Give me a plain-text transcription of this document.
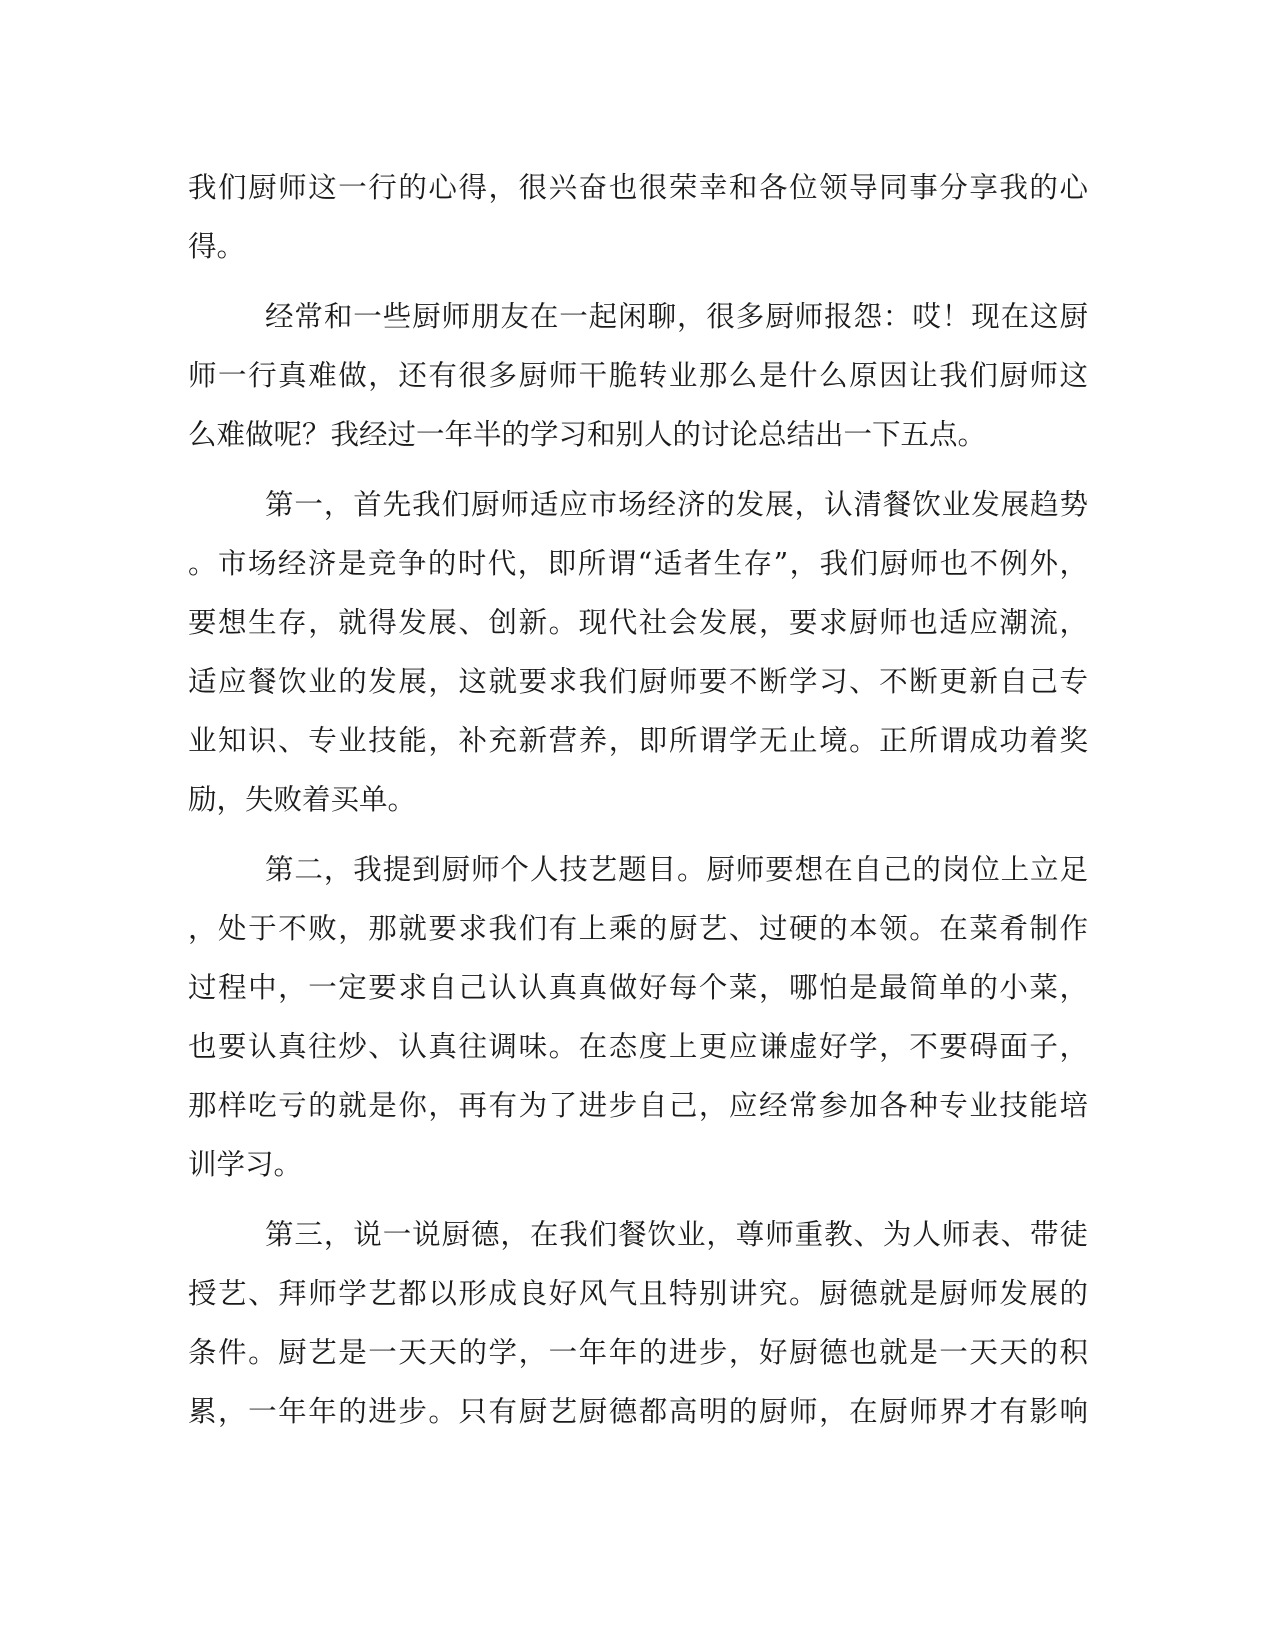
我们厨师这一行的心得，很兴奋也很荣幸和各位领导同事分享我的心
得。
经常和一些厨师朋友在一起闲聊，很多厨师报怨：哎！现在这厨
师一行真难做，还有很多厨师干脆转业那么是什么原因让我们厨师这
么难做呢？我经过一年半的学习和别人的讨论总结出一下五点。
第一，首先我们厨师适应市场经济的发展，认清餐饮业发展趋势
。市场经济是竞争的时代，即所谓“适者生存”，我们厨师也不例外，
要想生存，就得发展、创新。现代社会发展，要求厨师也适应潮流，
适应餐饮业的发展，这就要求我们厨师要不断学习、不断更新自己专
业知识、专业技能，补充新营养，即所谓学无止境。正所谓成功着奖
励，失败着买单。
第二，我提到厨师个人技艺题目。厨师要想在自己的岗位上立足
，处于不败，那就要求我们有上乘的厨艺、过硬的本领。在菜肴制作
过程中，一定要求自己认认真真做好每个菜，哪怕是最简单的小菜，
也要认真往炒、认真往调味。在态度上更应谦虚好学，不要碍面子，
那样吃亏的就是你，再有为了进步自己，应经常参加各种专业技能培
训学习。
第三，说一说厨德，在我们餐饮业，尊师重教、为人师表、带徒
授艺、拜师学艺都以形成良好风气且特别讲究。厨德就是厨师发展的
条件。厨艺是一天天的学，一年年的进步，好厨德也就是一天天的积
累，一年年的进步。只有厨艺厨德都高明的厨师，在厨师界才有影响
